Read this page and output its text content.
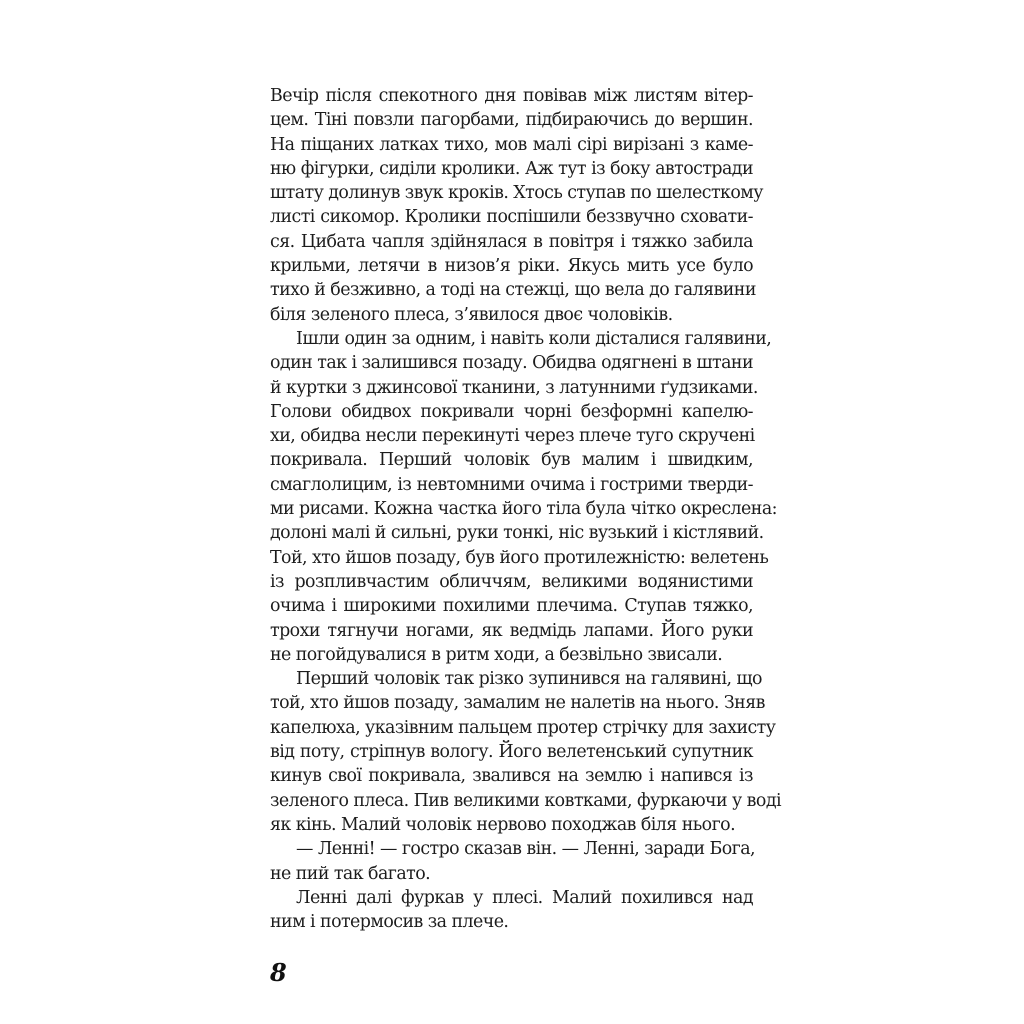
Вечір після спекотного дня повівав між листям вітер-
цем. Тіні повзли пагорбами, підбираючись до вершин.
На піщаних латках тихо, мов малі сірі вирізані з каме-
ню фігурки, сиділи кролики. Аж тут із боку автостради
штату долинув звук кроків. Хтось ступав по шелесткому
листі сикомор. Кролики поспішили беззвучно сховати-
ся. Цибата чапля здійнялася в повітря і тяжко забила
крильми, летячи в низов’я ріки. Якусь мить усе було
тихо й безживно, а тоді на стежці, що вела до галявини
біля зеленого плеса, з’явилося двоє чоловіків.
Ішли один за одним, і навіть коли дісталися галявини,
один так і залишився позаду. Обидва одягнені в штани
й куртки з джинсової тканини, з латунними ґудзиками.
Голови обидвох покривали чорні безформні капелю-
хи, обидва несли перекинуті через плече туго скручені
покривала. Перший чоловік був малим і швидким,
смаглолицим, із невтомними очима і гострими тверди-
ми рисами. Кожна частка його тіла була чітко окреслена:
долоні малі й сильні, руки тонкі, ніс вузький і кістлявий.
Той, хто йшов позаду, був його протилежністю: велетень
із розпливчастим обличчям, великими водянистими
очима і широкими похилими плечима. Ступав тяжко,
трохи тягнучи ногами, як ведмідь лапами. Його руки
не погойдувалися в ритм ходи, а безвільно звисали.
Перший чоловік так різко зупинився на галявині, що
той, хто йшов позаду, замалим не налетів на нього. Зняв
капелюха, указівним пальцем протер стрічку для захисту
від поту, стріпнув вологу. Його велетенський супутник
кинув свої покривала, звалився на землю і напився із
зеленого плеса. Пив великими ковтками, фуркаючи у воді
як кінь. Малий чоловік нервово походжав біля нього.
— Ленні! — гостро сказав він. — Ленні, заради Бога,
не пий так багато.
Ленні далі фуркав у плесі. Малий похилився над
ним і потермосив за плече.
8
